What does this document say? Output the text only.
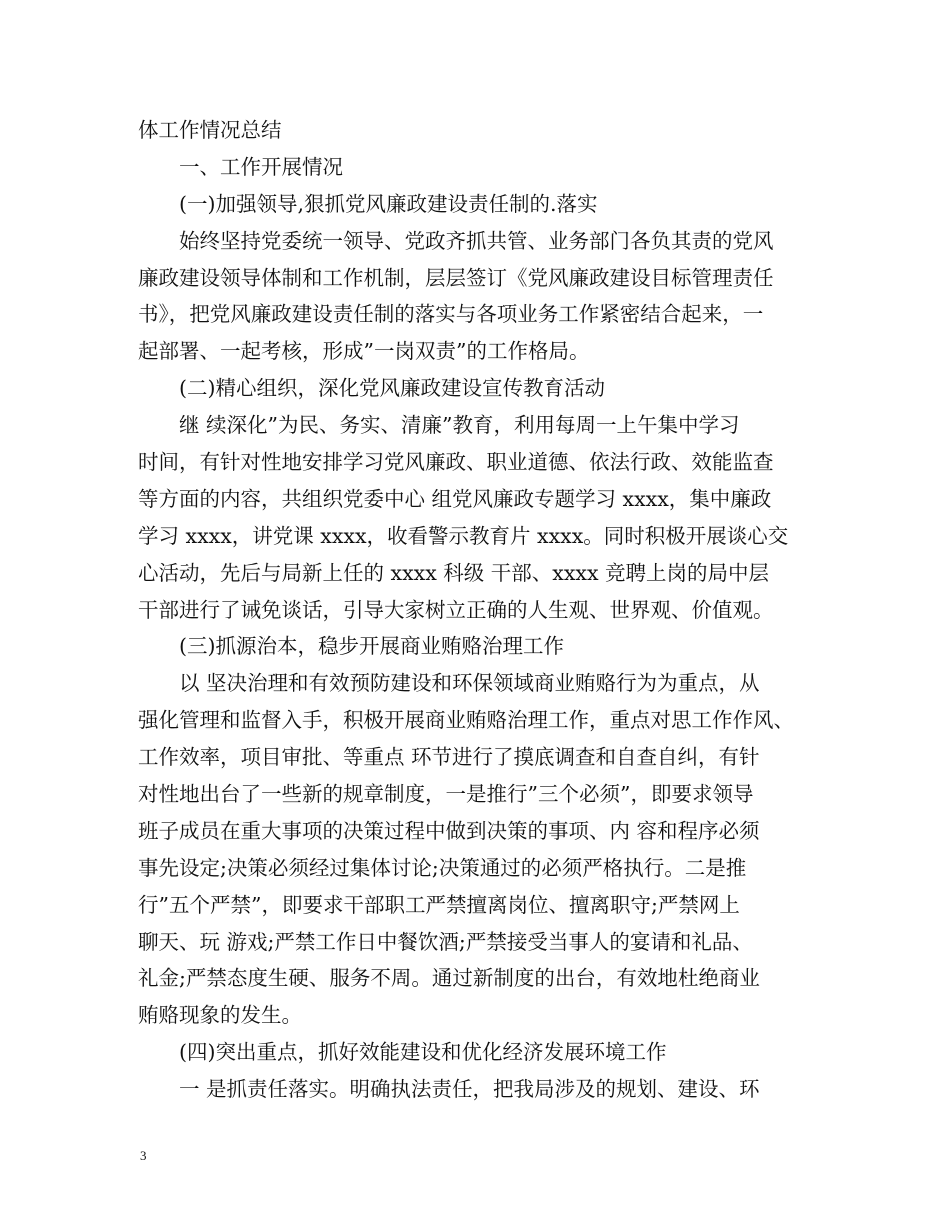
体工作情况总结
一、工作开展情况
(一)加强领导,狠抓党风廉政建设责任制的.落实
始终坚持党委统一领导、党政齐抓共管、业务部门各负其责的党风
廉政建设领导体制和工作机制，层层签订《党风廉政建设目标管理责任
书》，把党风廉政建设责任制的落实与各项业务工作紧密结合起来，一
起部署、一起考核，形成”一岗双责”的工作格局。
(二)精心组织，深化党风廉政建设宣传教育活动
继 续深化”为民、务实、清廉”教育，利用每周一上午集中学习
时间，有针对性地安排学习党风廉政、职业道德、依法行政、效能监查
等方面的内容，共组织党委中心 组党风廉政专题学习 xxxx，集中廉政
学习 xxxx，讲党课 xxxx，收看警示教育片 xxxx。同时积极开展谈心交
心活动，先后与局新上任的 xxxx 科级 干部、xxxx 竞聘上岗的局中层
干部进行了诫免谈话，引导大家树立正确的人生观、世界观、价值观。
(三)抓源治本，稳步开展商业贿赂治理工作
以 坚决治理和有效预防建设和环保领域商业贿赂行为为重点，从
强化管理和监督入手，积极开展商业贿赂治理工作，重点对思工作作风、
工作效率，项目审批、等重点 环节进行了摸底调查和自查自纠，有针
对性地出台了一些新的规章制度，一是推行”三个必须”，即要求领导
班子成员在重大事项的决策过程中做到决策的事项、内 容和程序必须
事先设定;决策必须经过集体讨论;决策通过的必须严格执行。二是推
行”五个严禁”，即要求干部职工严禁擅离岗位、擅离职守;严禁网上
聊天、玩 游戏;严禁工作日中餐饮酒;严禁接受当事人的宴请和礼品、
礼金;严禁态度生硬、服务不周。通过新制度的出台，有效地杜绝商业
贿赂现象的发生。
(四)突出重点，抓好效能建设和优化经济发展环境工作
一 是抓责任落实。明确执法责任，把我局涉及的规划、建设、环
3
